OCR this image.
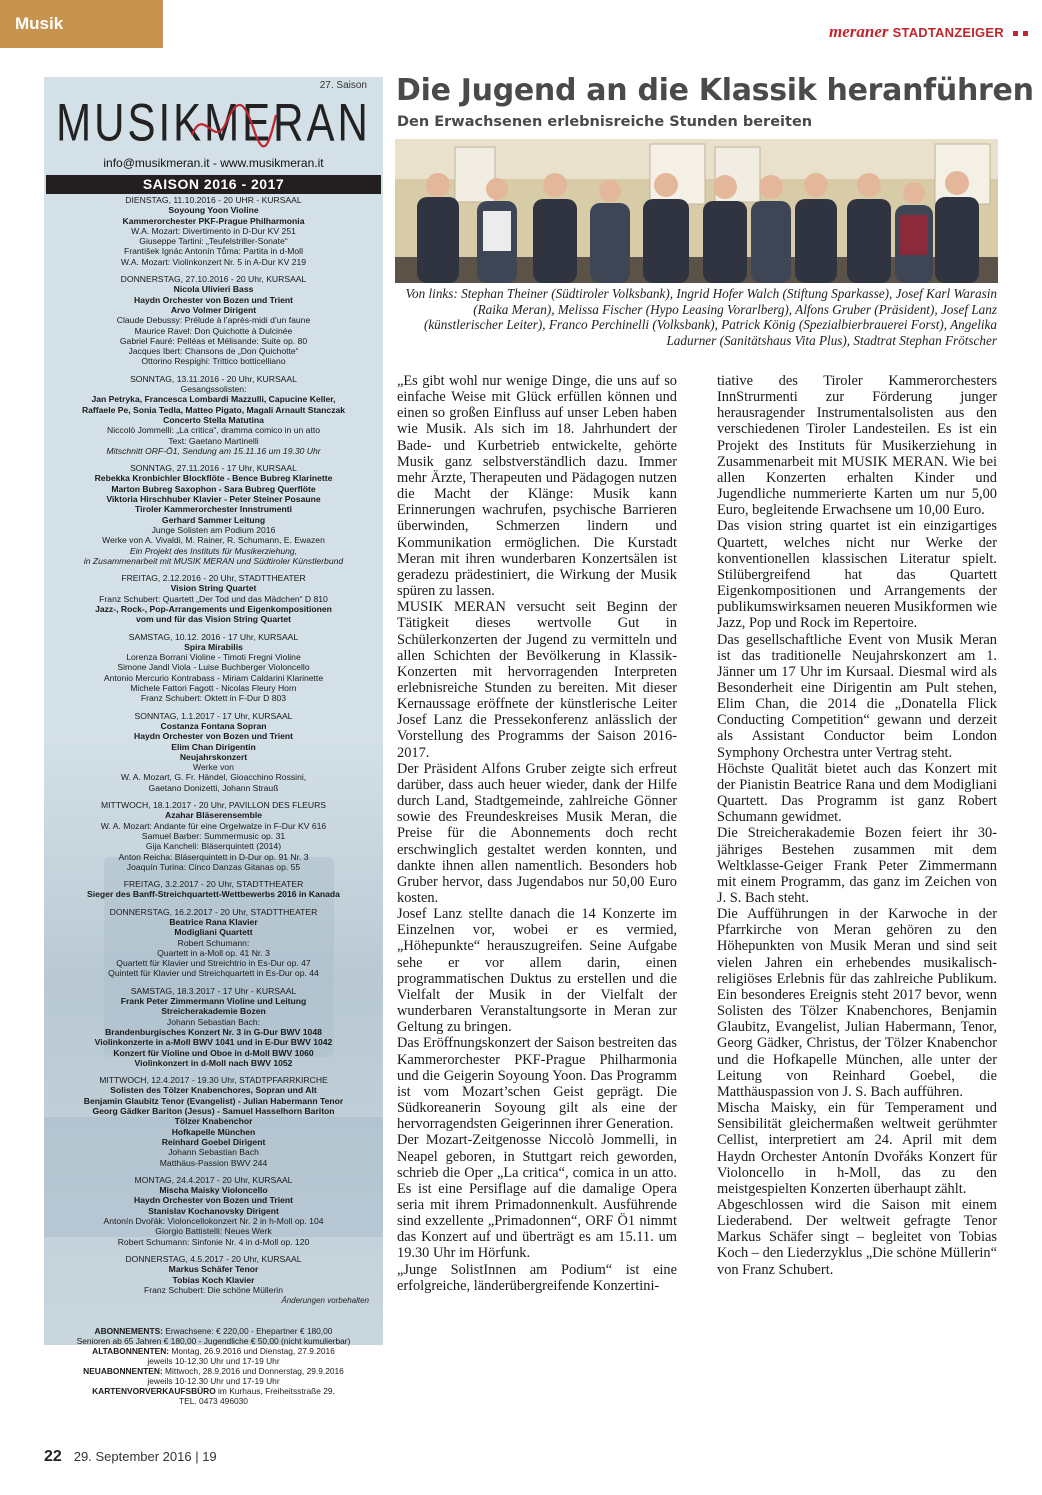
Musik	meraner STADTANZEIGER
27. Saison
MUSIKMERAN
info@musikmeran.it - www.musikmeran.it
SAISON 2016 - 2017
DIENSTAG, 11.10.2016 - 20 UHR - KURSAAL
Soyoung Yoon Violine
Kammerorchester PKF-Prague Philharmonia
W.A. Mozart: Divertimento in D-Dur KV 251
Giuseppe Tartini: „Teufelstriller-Sonate“
František Ignác Antonín Tůma: Partita in d-Moll
W.A. Mozart: Violinkonzert Nr. 5 in A-Dur KV 219
DONNERSTAG, 27.10.2016 - 20 Uhr, KURSAAL
Nicola Ulivieri Bass
Haydn Orchester von Bozen und Trient
Arvo Volmer Dirigent
Claude Debussy: Prélude à l’après-midi d’un faune
Maurice Ravel: Don Quichotte à Dulcinée
Gabriel Fauré: Pelléas et Mélisande: Suite op. 80
Jacques Ibert: Chansons de „Don Quichotte“
Ottorino Respighi: Trittico botticelliano
SONNTAG, 13.11.2016 - 20 Uhr, KURSAAL
Gesangssolisten:
Jan Petryka, Francesca Lombardi Mazzulli, Capucine Keller,
Raffaele Pe, Sonia Tedla, Matteo Pigato, Magali Arnault Stanczak
Concerto Stella Matutina
Niccolò Jommelli: „La critica“, dramma comico in un atto
Text: Gaetano Martinelli
Mitschnitt ORF-Ö1, Sendung am 15.11.16 um 19.30 Uhr
SONNTAG, 27.11.2016 - 17 Uhr, KURSAAL
Rebekka Kronbichler Blockflöte - Bence Bubreg Klarinette
Marton Bubreg Saxophon - Sara Bubreg Querflöte
Viktoria Hirschhuber Klavier - Peter Steiner Posaune
Tiroler Kammerorchester Innstrumenti
Gerhard Sammer Leitung
Junge Solisten am Podium 2016
Werke von A. Vivaldi, M. Rainer, R. Schumann, E. Ewazen
Ein Projekt des Instituts für Musikerziehung,
in Zusammenarbeit mit MUSIK MERAN und Südtiroler Künstlerbund
FREITAG, 2.12.2016 - 20 Uhr, STADTTHEATER
Vision String Quartet
Franz Schubert: Quartett „Der Tod und das Mädchen“ D 810
Jazz-, Rock-, Pop-Arrangements und Eigenkompositionen
vom und für das Vision String Quartet
SAMSTAG, 10.12. 2016 - 17 Uhr, KURSAAL
Spira Mirabilis
Lorenza Borrani Violine - Timoti Fregni Violine
Simone Jandl Viola - Luise Buchberger Violoncello
Antonio Mercurio Kontrabass - Miriam Caldarini Klarinette
Michele Fattori Fagott - Nicolas Fleury Horn
Franz Schubert: Oktett in F-Dur D 803
SONNTAG, 1.1.2017 - 17 Uhr, KURSAAL
Costanza Fontana Sopran
Haydn Orchester von Bozen und Trient
Elim Chan Dirigentin
Neujahrskonzert
Werke von
W. A. Mozart, G. Fr. Händel, Gioacchino Rossini,
Gaetano Donizetti, Johann Strauß
MITTWOCH, 18.1.2017 - 20 Uhr, PAVILLON DES FLEURS
Azahar Bläserensemble
W. A. Mozart: Andante für eine Orgelwalze in F-Dur KV 616
Samuel Barber: Summermusic op. 31
Gija Kancheli: Bläserquintett (2014)
Anton Reicha: Bläserquintett in D-Dur op. 91 Nr. 3
Joaquín Turina: Cinco Danzas Gitanas op. 55
FREITAG, 3.2.2017 - 20 Uhr, STADTTHEATER
Sieger des Banff-Streichquartett-Wettbewerbs 2016 in Kanada
DONNERSTAG, 16.2.2017 - 20 Uhr, STADTTHEATER
Beatrice Rana Klavier
Modigliani Quartett
Robert Schumann:
Quartett in a-Moll op. 41 Nr. 3
Quartett für Klavier und Streichtrio in Es-Dur op. 47
Quintett für Klavier und Streichquartett in Es-Dur op. 44
SAMSTAG, 18.3.2017 - 17 Uhr - KURSAAL
Frank Peter Zimmermann Violine und Leitung
Streicherakademie Bozen
Johann Sebastian Bach:
Brandenburgisches Konzert Nr. 3 in G-Dur BWV 1048
Violinkonzerte in a-Moll BWV 1041 und in E-Dur BWV 1042
Konzert für Violine und Oboe in d-Moll BWV 1060
Violinkonzert in d-Moll nach BWV 1052
MITTWOCH, 12.4.2017 - 19.30 Uhr, STADTPFARRKIRCHE
Solisten des Tölzer Knabenchores, Sopran und Alt
Benjamin Glaubitz Tenor (Evangelist) - Julian Habermann Tenor
Georg Gädker Bariton (Jesus) - Samuel Hasselhorn Bariton
Tölzer Knabenchor
Hofkapelle München
Reinhard Goebel Dirigent
Johann Sebastian Bach
Matthäus-Passion BWV 244
MONTAG, 24.4.2017 - 20 Uhr, KURSAAL
Mischa Maisky Violoncello
Haydn Orchester von Bozen und Trient
Stanislav Kochanovsky Dirigent
Antonín Dvořák: Violoncellokonzert Nr. 2 in h-Moll op. 104
Giorgio Battistelli: Neues Werk
Robert Schumann: Sinfonie Nr. 4 in d-Moll op. 120
DONNERSTAG, 4.5.2017 - 20 Uhr, KURSAAL
Markus Schäfer Tenor
Tobias Koch Klavier
Franz Schubert: Die schöne Müllerin
Änderungen vorbehalten
ABONNEMENTS: Erwachsene: € 220,00 - Ehepartner € 180,00
Senioren ab 65 Jahren € 180,00 - Jugendliche € 50,00 (nicht kumulierbar)
ALTABONNENTEN: Montag, 26.9.2016 und Dienstag, 27.9.2016
jeweils 10-12.30 Uhr und 17-19 Uhr
NEUABONNENTEN: Mittwoch, 28.9.2016 und Donnerstag, 29.9.2016
jeweils 10-12.30 Uhr und 17-19 Uhr
KARTENVORVERKAUFSBÜRO im Kurhaus, Freiheitsstraße 29,
TEL. 0473 496030
Die Jugend an die Klassik heranführen
Den Erwachsenen erlebnisreiche Stunden bereiten
Von links: Stephan Theiner (Südtiroler Volksbank), Ingrid Hofer Walch (Stiftung Sparkasse), Josef Karl Warasin (Raika Meran), Melissa Fischer (Hypo Leasing Vorarlberg), Alfons Gruber (Präsident), Josef Lanz (künstlerischer Leiter), Franco Perchinelli (Volksbank), Patrick König (Spezialbierbrauerei Forst), Angelika Ladurner (Sanitätshaus Vita Plus), Stadtrat Stephan Frötscher

„Es gibt wohl nur wenige Dinge, die uns auf so einfache Weise mit Glück erfüllen können und einen so großen Einfluss auf unser Leben haben wie Musik. Als sich im 18. Jahrhundert der Bade- und Kurbetrieb entwickelte, gehörte Musik ganz selbstverständlich dazu. Immer mehr Ärzte, Therapeuten und Pädagogen nutzen die Macht der Klänge: Musik kann Erinnerungen wachrufen, psychische Barrieren überwinden, Schmerzen lindern und Kommunikation ermöglichen. Die Kurstadt Meran mit ihren wunderbaren Konzertsälen ist geradezu prädestiniert, die Wirkung der Musik spüren zu lassen.

MUSIK MERAN versucht seit Beginn der Tätigkeit dieses wertvolle Gut in Schülerkonzerten der Jugend zu vermitteln und allen Schichten der Bevölkerung in Klassik-Konzerten mit hervorragenden Interpreten erlebnisreiche Stunden zu bereiten. Mit dieser Kernaussage eröffnete der künstlerische Leiter Josef Lanz die Pressekonferenz anlässlich der Vorstellung des Programms der Saison 2016-2017.

Der Präsident Alfons Gruber zeigte sich erfreut darüber, dass auch heuer wieder, dank der Hilfe durch Land, Stadtgemeinde, zahlreiche Gönner sowie des Freundeskreises Musik Meran, die Preise für die Abonnements doch recht erschwinglich gestaltet werden konnten, und dankte ihnen allen namentlich. Besonders hob Gruber hervor, dass Jugendabos nur 50,00 Euro kosten.

Josef Lanz stellte danach die 14 Konzerte im Einzelnen vor, wobei er es vermied, „Höhepunkte“ herauszugreifen. Seine Aufgabe sehe er vor allem darin, einen programmatischen Duktus zu erstellen und die Vielfalt der Musik in der Vielfalt der wunderbaren Veranstaltungsorte in Meran zur Geltung zu bringen.

Das Eröffnungskonzert der Saison bestreiten das Kammerorchester PKF-Prague Philharmonia und die Geigerin Soyoung Yoon. Das Programm ist vom Mozart’schen Geist geprägt. Die Südkoreanerin Soyoung gilt als eine der hervorragendsten Geigerinnen ihrer Generation.

Der Mozart-Zeitgenosse Niccolò Jommelli, in Neapel geboren, in Stuttgart reich geworden, schrieb die Oper „La critica“, comica in un atto. Es ist eine Persiflage auf die damalige Opera seria mit ihrem Primadonnenkult. Ausführende sind exzellente „Primadonnen“, ORF Ö1 nimmt das Konzert auf und überträgt es am 15.11. um 19.30 Uhr im Hörfunk.

„Junge SolistInnen am Podium“ ist eine erfolgreiche, länderübergreifende Konzertini-

tiative des Tiroler Kammerorchesters InnStrurmenti zur Förderung junger herausragender Instrumentalsolisten aus den verschiedenen Tiroler Landesteilen. Es ist ein Projekt des Instituts für Musikerziehung in Zusammenarbeit mit MUSIK MERAN. Wie bei allen Konzerten erhalten Kinder und Jugendliche nummerierte Karten um nur 5,00 Euro, begleitende Erwachsene um 10,00 Euro.

Das vision string quartet ist ein einzigartiges Quartett, welches nicht nur Werke der konventionellen klassischen Literatur spielt. Stilübergreifend hat das Quartett Eigenkompositionen und Arrangements der publikumswirksamen neueren Musikformen wie Jazz, Pop und Rock im Repertoire.

Das gesellschaftliche Event von Musik Meran ist das traditionelle Neujahrskonzert am 1. Jänner um 17 Uhr im Kursaal. Diesmal wird als Besonderheit eine Dirigentin am Pult stehen, Elim Chan, die 2014 die „Donatella Flick Conducting Competition“ gewann und derzeit als Assistant Conductor beim London Symphony Orchestra unter Vertrag steht.

Höchste Qualität bietet auch das Konzert mit der Pianistin Beatrice Rana und dem Modigliani Quartett. Das Programm ist ganz Robert Schumann gewidmet.

Die Streicherakademie Bozen feiert ihr 30-jähriges Bestehen zusammen mit dem Weltklasse-Geiger Frank Peter Zimmermann mit einem Programm, das ganz im Zeichen von J. S. Bach steht.

Die Aufführungen in der Karwoche in der Pfarrkirche von Meran gehören zu den Höhepunkten von Musik Meran und sind seit vielen Jahren ein erhebendes musikalisch-religiöses Erlebnis für das zahlreiche Publikum. Ein besonderes Ereignis steht 2017 bevor, wenn Solisten des Tölzer Knabenchores, Benjamin Glaubitz, Evangelist, Julian Habermann, Tenor, Georg Gädker, Christus, der Tölzer Knabenchor und die Hofkapelle München, alle unter der Leitung von Reinhard Goebel, die Matthäuspassion von J. S. Bach aufführen.

Mischa Maisky, ein für Temperament und Sensibilität gleichermaßen weltweit gerühmter Cellist, interpretiert am 24. April mit dem Haydn Orchester Antonín Dvořáks Konzert für Violoncello in h-Moll, das zu den meistgespielten Konzerten überhaupt zählt.

Abgeschlossen wird die Saison mit einem Liederabend. Der weltweit gefragte Tenor Markus Schäfer singt – begleitet von Tobias Koch – den Liederzyklus „Die schöne Müllerin“ von Franz Schubert.

22 29. September 2016 | 19
